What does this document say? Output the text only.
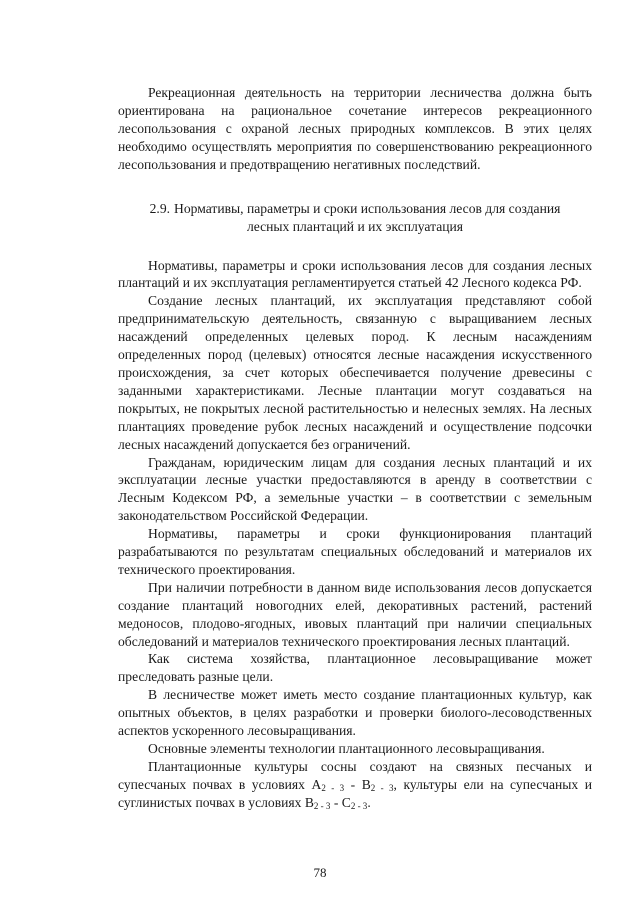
Рекреационная деятельность на территории лесничества должна быть ориентирована на рациональное сочетание интересов рекреационного лесопользования с охраной лесных природных комплексов. В этих целях необходимо осуществлять мероприятия по совершенствованию рекреационного лесопользования и предотвращению негативных последствий.

2.9. Нормативы, параметры и сроки использования лесов для создания лесных плантаций и их эксплуатация

Нормативы, параметры и сроки использования лесов для создания лесных плантаций и их эксплуатация регламентируется статьей 42 Лесного кодекса РФ.

Создание лесных плантаций, их эксплуатация представляют собой предпринимательскую деятельность, связанную с выращиванием лесных насаждений определенных целевых пород. К лесным насаждениям определенных пород (целевых) относятся лесные насаждения искусственного происхождения, за счет которых обеспечивается получение древесины с заданными характеристиками. Лесные плантации могут создаваться на покрытых, не покрытых лесной растительностью и нелесных землях. На лесных плантациях проведение рубок лесных насаждений и осуществление подсочки лесных насаждений допускается без ограничений.

Гражданам, юридическим лицам для создания лесных плантаций и их эксплуатации лесные участки предоставляются в аренду в соответствии с Лесным Кодексом РФ, а земельные участки – в соответствии с земельным законодательством Российской Федерации.

Нормативы, параметры и сроки функционирования плантаций разрабатываются по результатам специальных обследований и материалов их технического проектирования.

При наличии потребности в данном виде использования лесов допускается создание плантаций новогодних елей, декоративных растений, растений медоносов, плодово-ягодных, ивовых плантаций при наличии специальных обследований и материалов технического проектирования лесных плантаций.

Как система хозяйства, плантационное лесовыращивание может преследовать разные цели.

В лесничестве может иметь место создание плантационных культур, как опытных объектов, в целях разработки и проверки биолого-лесоводственных аспектов ускоренного лесовыращивания.

Основные элементы технологии плантационного лесовыращивания.

Плантационные культуры сосны создают на связных песчаных и супесчаных почвах в условиях $А_{2 - 3} - В_{2 - 3}$, культуры ели на супесчаных и суглинистых почвах в условиях $В_{2 - 3} - С_{2 - 3}$.

78
